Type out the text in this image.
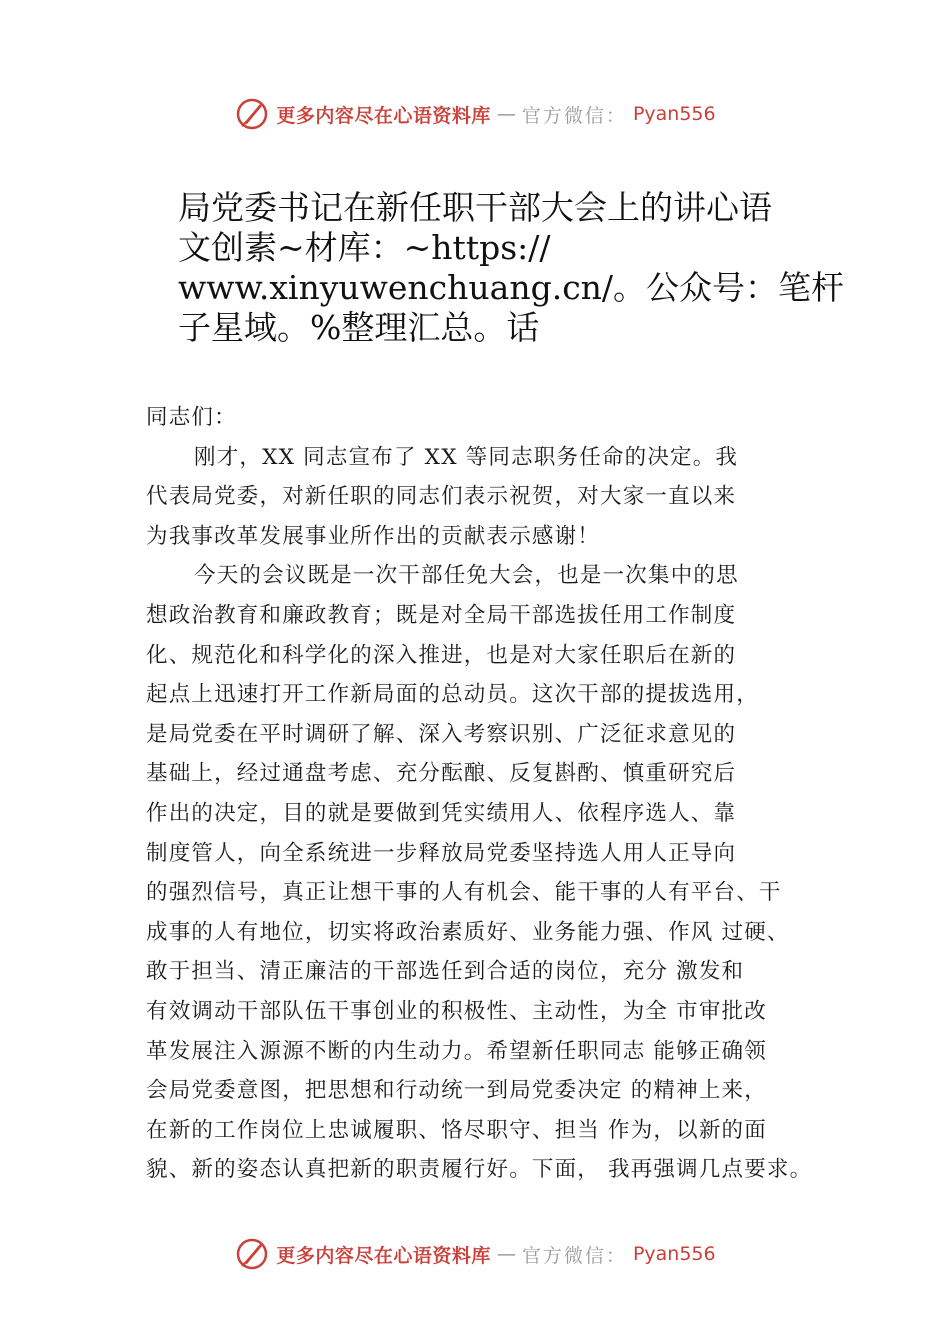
更多内容尽在心语资料库 — 官方微信： Pyan556
局党委书记在新任职干部大会上的讲心语
文创素~材库：~https://
www.xinyuwenchuang.cn/。公众号：笔杆
子星域。%整理汇总。话
同志们：
刚才，XX 同志宣布了 XX 等同志职务任命的决定。我
代表局党委，对新任职的同志们表示祝贺，对大家一直以来
为我事改革发展事业所作出的贡献表示感谢！
今天的会议既是一次干部任免大会，也是一次集中的思
想政治教育和廉政教育；既是对全局干部选拔任用工作制度
化、规范化和科学化的深入推进，也是对大家任职后在新的
起点上迅速打开工作新局面的总动员。这次干部的提拔选用，
是局党委在平时调研了解、深入考察识别、广泛征求意见的
基础上，经过通盘考虑、充分酝酿、反复斟酌、慎重研究后
作出的决定，目的就是要做到凭实绩用人、依程序选人、靠
制度管人，向全系统进一步释放局党委坚持选人用人正导向
的强烈信号，真正让想干事的人有机会、能干事的人有平台、干
成事的人有地位，切实将政治素质好、业务能力强、作风 过硬、
敢于担当、清正廉洁的干部选任到合适的岗位，充分 激发和
有效调动干部队伍干事创业的积极性、主动性，为全 市审批改
革发展注入源源不断的内生动力。希望新任职同志 能够正确领
会局党委意图，把思想和行动统一到局党委决定 的精神上来，
在新的工作岗位上忠诚履职、恪尽职守、担当 作为，以新的面
貌、新的姿态认真把新的职责履行好。下面， 我再强调几点要求。
更多内容尽在心语资料库 — 官方微信： Pyan556
